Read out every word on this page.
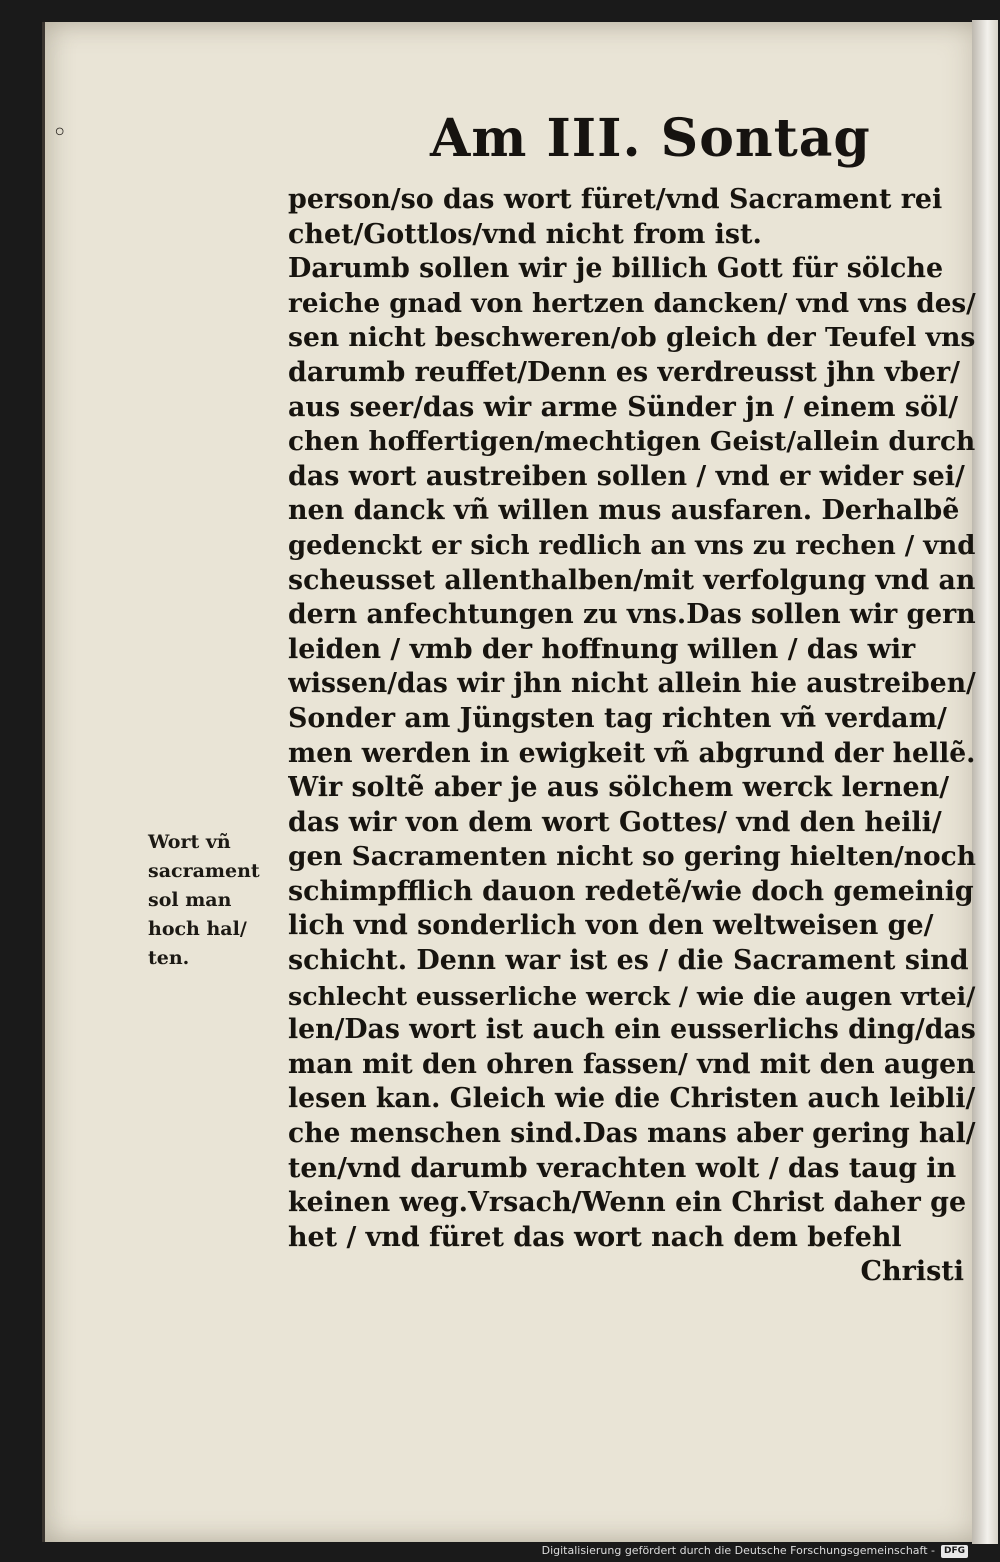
◦	Am III. Sontag
person/so das wort füret/vnd Sacrament rei
chet/Gottlos/vnd nicht from ist.
Darumb sollen wir je billich Gott für sölche
reiche gnad von hertzen dancken/ vnd vns des/
sen nicht beschweren/ob gleich der Teufel vns
darumb reuffet/Denn es verdreusst jhn vber/
aus seer/das wir arme Sünder jn / einem söl/
chen hoffertigen/mechtigen Geist/allein durch
das wort austreiben sollen / vnd er wider sei/
nen danck vñ willen mus ausfaren. Derhalbẽ
gedenckt er sich redlich an vns zu rechen / vnd
scheusset allenthalben/mit verfolgung vnd an
dern anfechtungen zu vns.Das sollen wir gern
leiden / vmb der hoffnung willen / das wir
wissen/das wir jhn nicht allein hie austreiben/
Sonder am Jüngsten tag richten vñ verdam/
men werden in ewigkeit vñ abgrund der hellẽ.
Wir soltẽ aber je aus sölchem werck lernen/
das wir von dem wort Gottes/ vnd den heili/
gen Sacramenten nicht so gering hielten/noch
schimpfflich dauon redetẽ/wie doch gemeinig
lich vnd sonderlich von den weltweisen ge/
schicht. Denn war ist es / die Sacrament sind
schlecht eusserliche werck / wie die augen vrtei/
len/Das wort ist auch ein eusserlichs ding/das
man mit den ohren fassen/ vnd mit den augen
lesen kan. Gleich wie die Christen auch leibli/
che menschen sind.Das mans aber gering hal/
ten/vnd darumb verachten wolt / das taug in
keinen weg.Vrsach/Wenn ein Christ daher ge
het / vnd füret das wort nach dem befehl
Christi
Wort vñ
sacrament
sol man
hoch hal/
ten.
Digitalisierung gefördert durch die Deutsche Forschungsgemeinschaft -	DFG
